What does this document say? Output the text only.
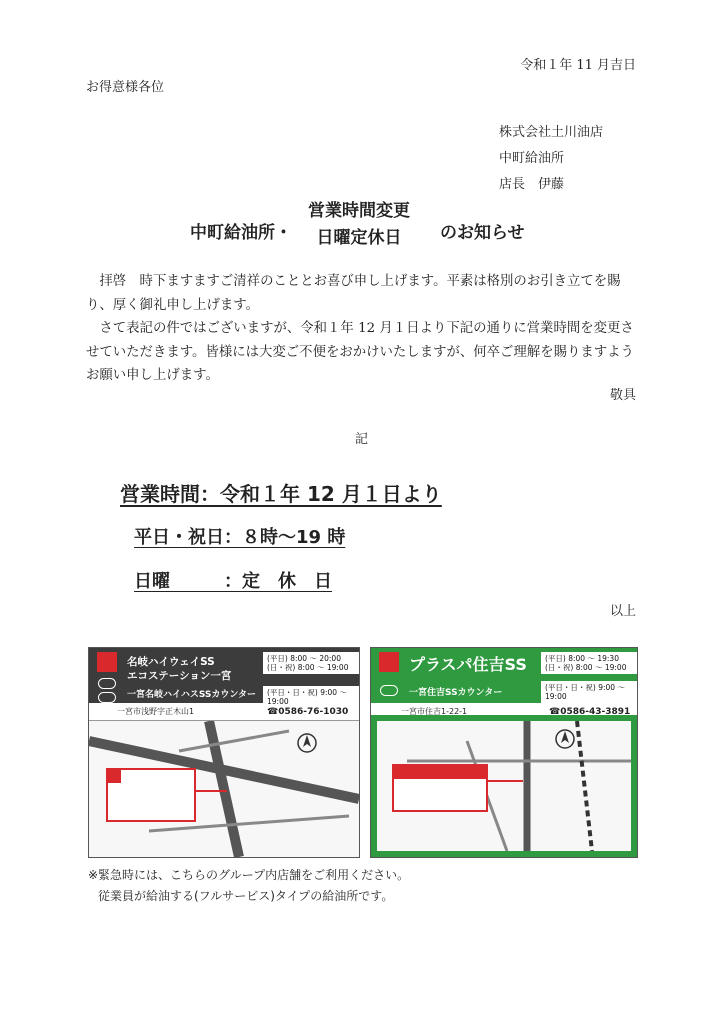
令和１年 11 月吉日
お得意様各位
株式会社土川油店
中町給油所
店長　伊藤
中町給油所・
営業時間変更
日曜定休日	のお知らせ

拝啓　時下ますますご清祥のこととお喜び申し上げます。平素は格別のお引き立てを賜り、厚く御礼申し上げます。

さて表記の件ではございますが、令和１年 12 月１日より下記の通りに営業時間を変更させていただきます。皆様には大変ご不便をおかけいたしますが、何卒ご理解を賜りますようお願い申し上げます。

敬具
記
営業時間：令和１年 12 月１日より
平日・祝日：８時～19 時
日曜　　　：定　休　日
以上
名岐ハイウェイSS
エコステーション一宮
一宮名岐ハイハスSSカウンター
(平日) 8:00 ～ 20:00
(日・祝) 8:00 ～ 19:00
(平日・日・祝) 9:00 ～ 19:00
一宮市浅野字正木山1	☎0586-76-1030
プラスパ住吉SS
一宮住吉SSカウンター
(平日) 8:00 ～ 19:30
(日・祝) 8:00 ～ 19:00
(平日・日・祝) 9:00 ～ 19:00
一宮市住吉1-22-1	☎0586-43-3891
※緊急時には、こちらのグループ内店舗をご利用ください。
従業員が給油する(フルサービス)タイプの給油所です。
